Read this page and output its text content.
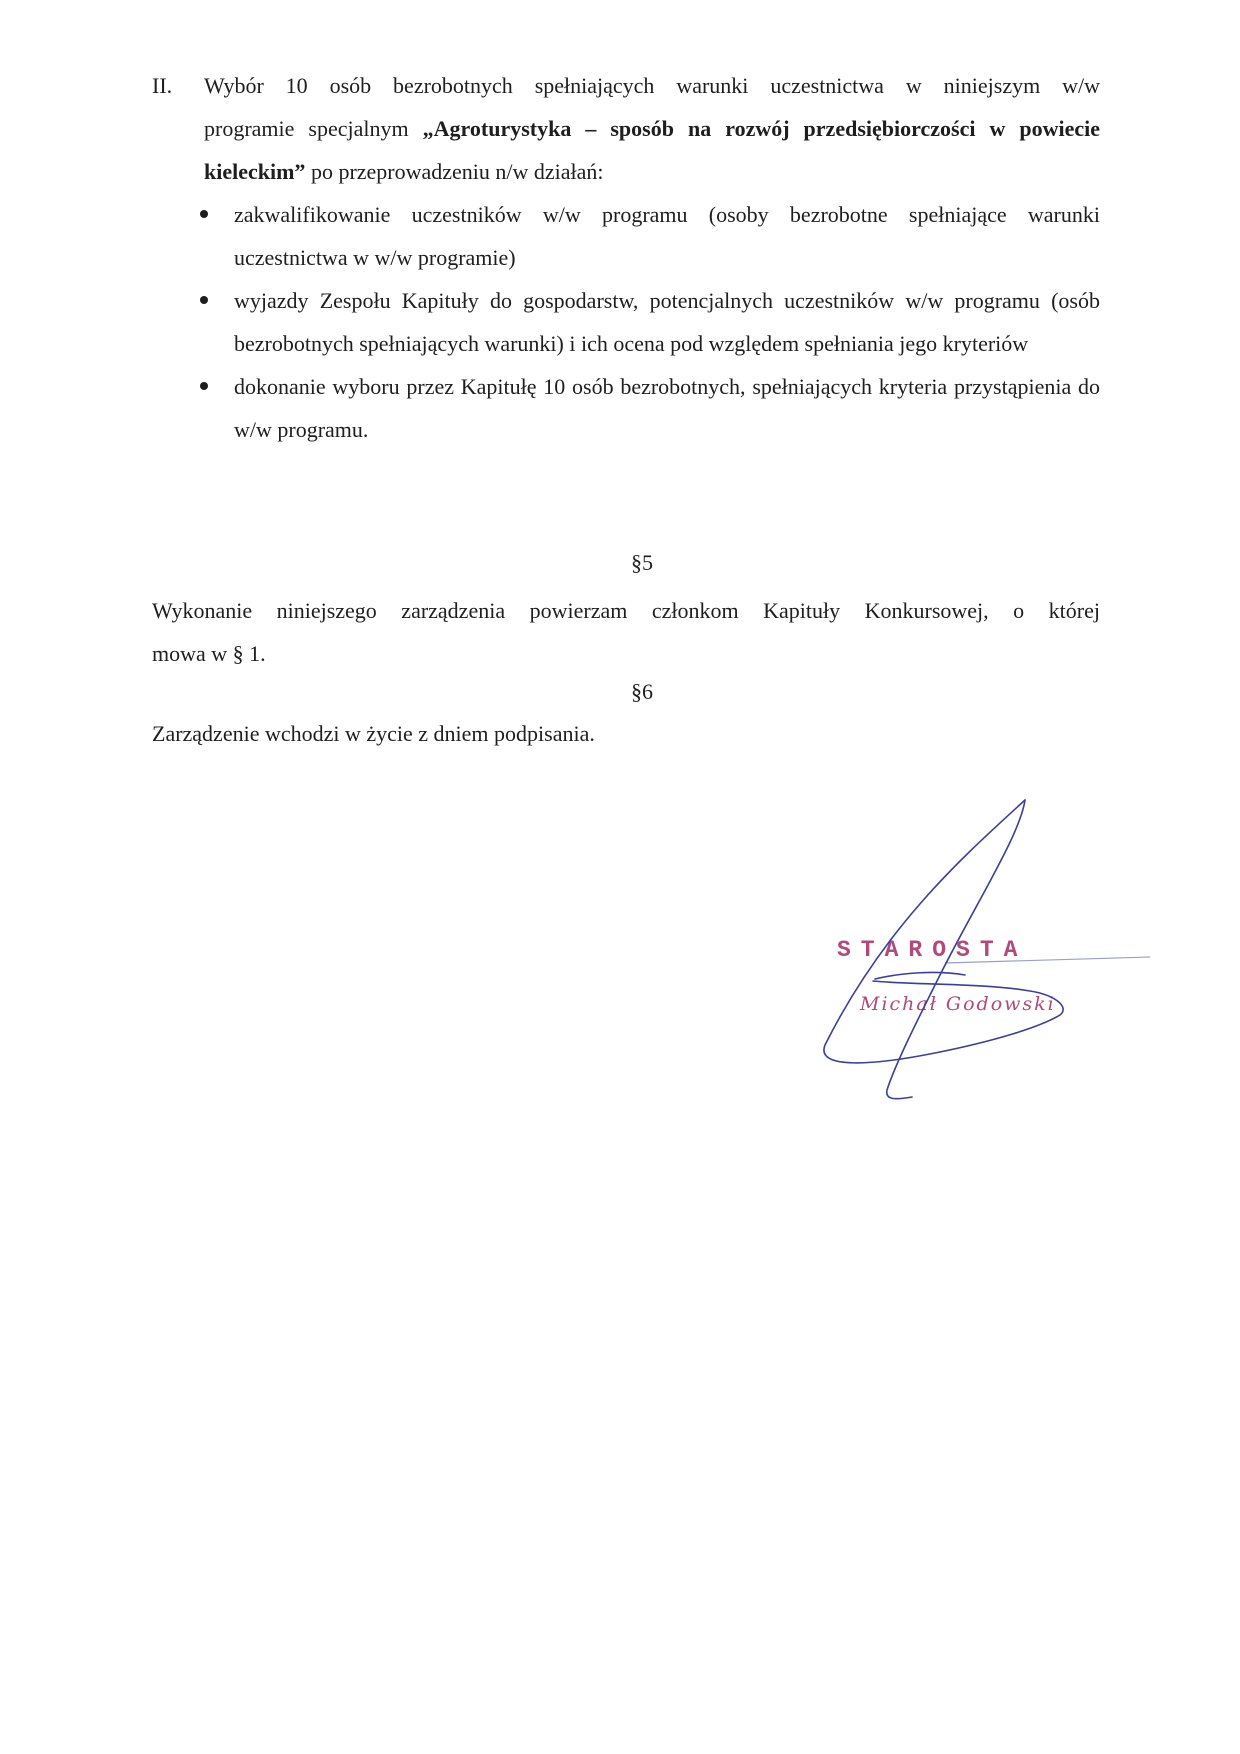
II. Wybór 10 osób bezrobotnych spełniających warunki uczestnictwa w niniejszym w/w
programie specjalnym „Agroturystyka – sposób na rozwój przedsiębiorczości w powiecie kieleckim” po przeprowadzeniu n/w działań:
zakwalifikowanie uczestników w/w programu (osoby bezrobotne spełniające warunki uczestnictwa w w/w programie)
wyjazdy Zespołu Kapituły do gospodarstw, potencjalnych uczestników w/w programu (osób bezrobotnych spełniających warunki) i ich ocena pod względem spełniania jego kryteriów
dokonanie wyboru przez Kapitułę 10 osób bezrobotnych, spełniających kryteria przystąpienia do w/w programu.
§5
Wykonanie niniejszego zarządzenia powierzam członkom Kapituły Konkursowej, o której
mowa w § 1.
§6
Zarządzenie wchodzi w życie z dniem podpisania.
STAROSTA
Michał Godowski
